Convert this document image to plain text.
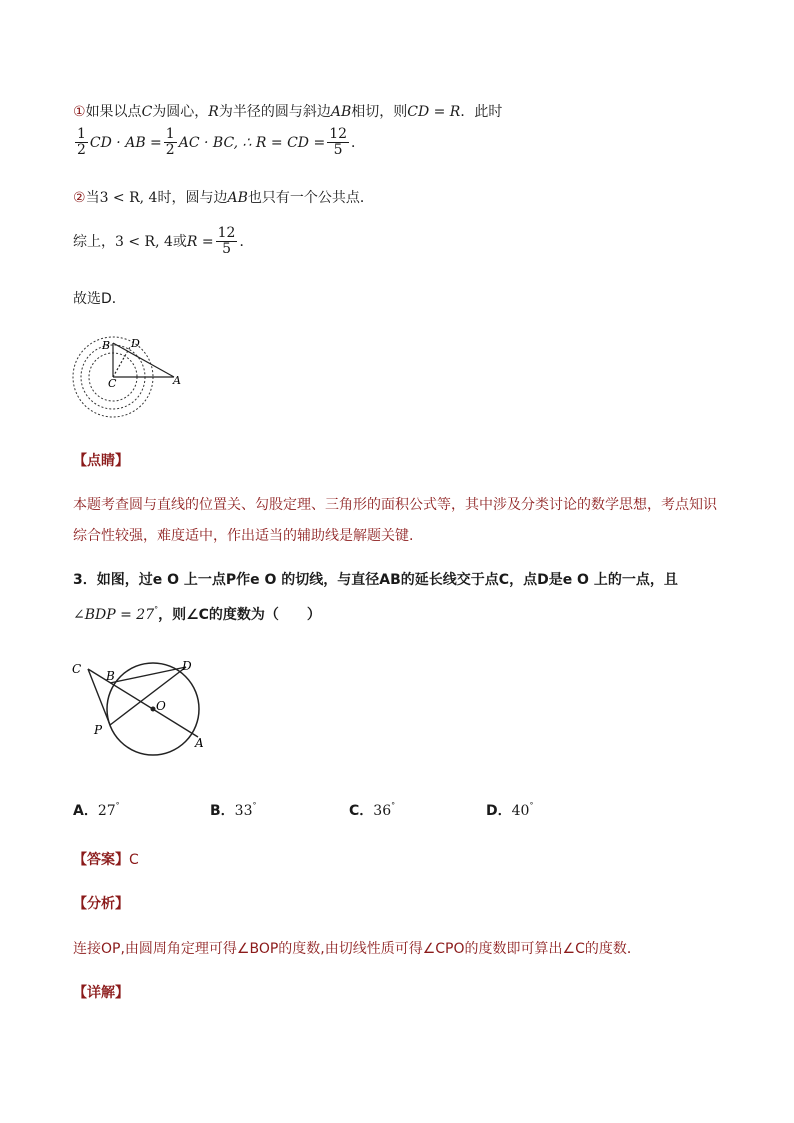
①如果以点C为圆心，R为半径的圆与斜边AB相切，则CD = R．此时
$\frac{1}{2}$ CD · AB = $\frac{1}{2}$ AC · BC, ∴ R = CD = $\frac{12}{5}$ ．
②当3 < R, 4时，圆与边AB也只有一个公共点．
综上，3 < R, 4或$R = \frac{12}{5}$ ．
故选D．
B D
C	A
【点睛】
本题考查圆与直线的位置关、勾股定理、三角形的面积公式等，其中涉及分类讨论的数学思想，考点知识
综合性较强，难度适中，作出适当的辅助线是解题关键.
3．如图，过e O 上一点P作e O 的切线，与直径AB的延长线交于点C，点D是e O 上的一点，且
∠BDP = 27°，则∠C的度数为（　　）
C B
D
O
P
A
A．27°	B．33°	C．36°	D．40°
【答案】C
【分析】
连接OP,由圆周角定理可得∠BOP的度数,由切线性质可得∠CPO的度数即可算出∠C的度数．
【详解】
